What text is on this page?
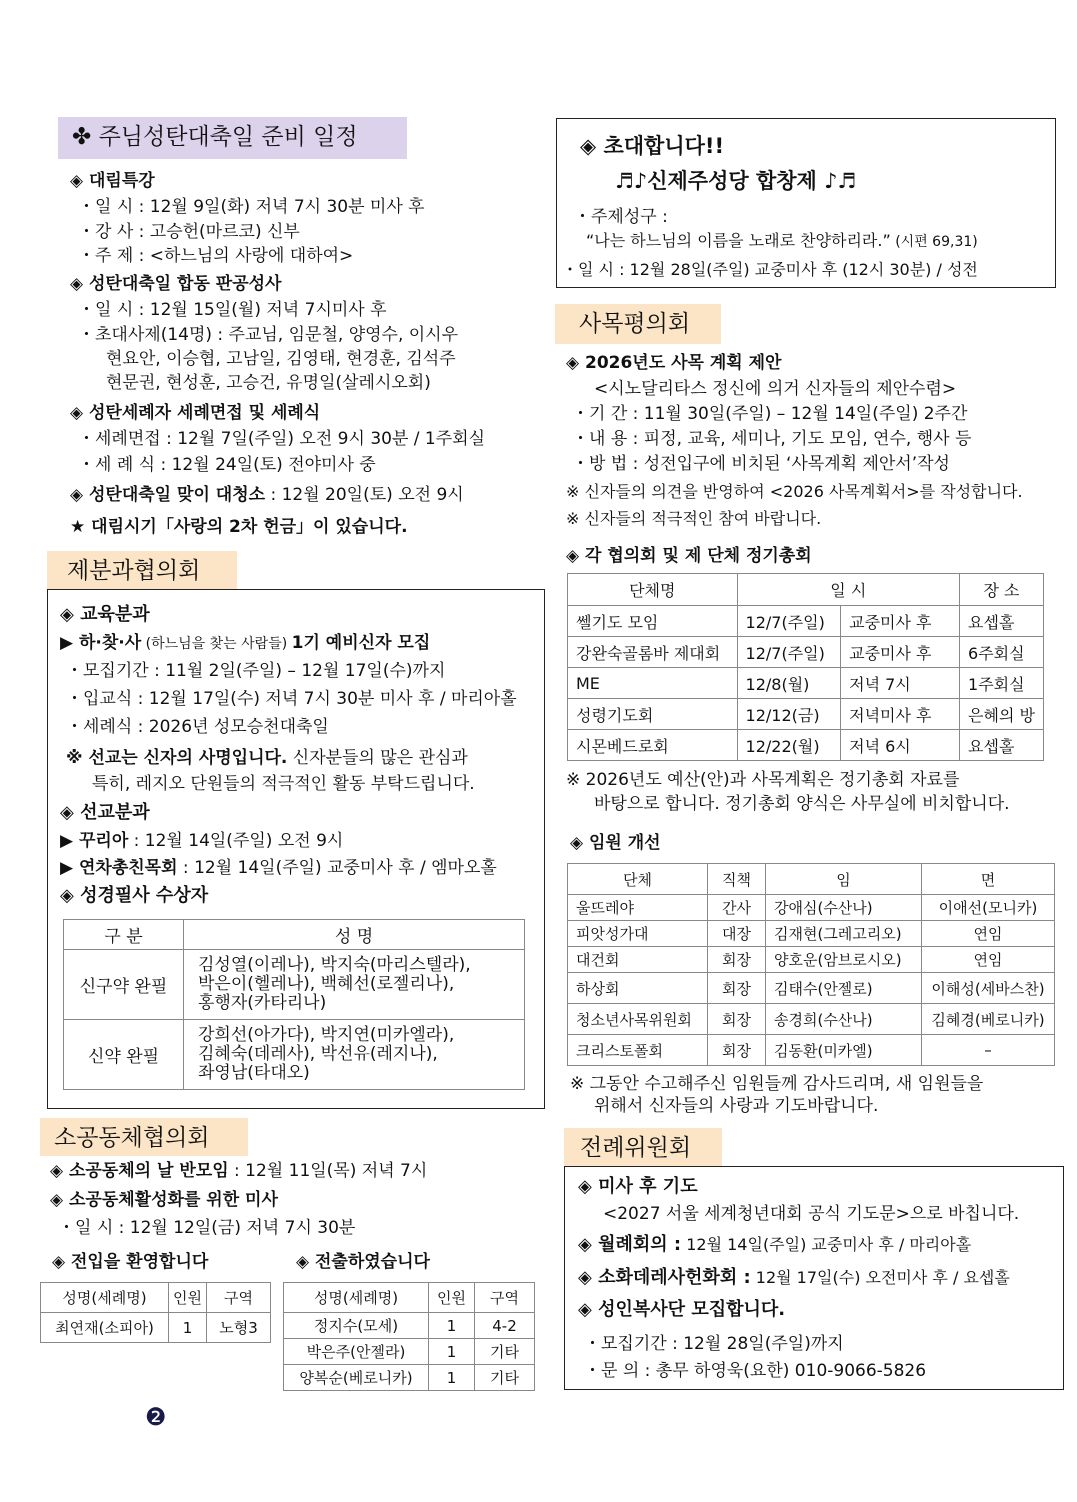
✤ 주님성탄대축일 준비 일정
◈ 대림특강
・일 시 : 12월 9일(화) 저녁 7시 30분 미사 후
・강 사 : 고승헌(마르코) 신부
・주 제 : <하느님의 사랑에 대하여>
◈ 성탄대축일 합동 판공성사
・일 시 : 12월 15일(월) 저녁 7시미사 후
・초대사제(14명) : 주교님, 임문철, 양영수, 이시우
현요안, 이승협, 고남일, 김영태, 현경훈, 김석주
현문권, 현성훈, 고승건, 유명일(살레시오회)
◈ 성탄세례자 세례면접 및 세례식
・세례면접 : 12월 7일(주일) 오전 9시 30분 / 1주회실
・세 례 식 : 12월 24일(토) 전야미사 중
◈ 성탄대축일 맞이 대청소 : 12월 20일(토) 오전 9시
★ 대림시기「사랑의 2차 헌금」이 있습니다.
제분과협의회
◈ 교육분과
▶ 하·찾·사 (하느님을 찾는 사람들) 1기 예비신자 모집
・모집기간 : 11월 2일(주일) – 12월 17일(수)까지
・입교식 : 12월 17일(수) 저녁 7시 30분 미사 후 / 마리아홀
・세례식 : 2026년 성모승천대축일
※ 선교는 신자의 사명입니다. 신자분들의 많은 관심과
특히, 레지오 단원들의 적극적인 활동 부탁드립니다.
◈ 선교분과
▶ 꾸리아 : 12월 14일(주일) 오전 9시
▶ 연차총친목회 : 12월 14일(주일) 교중미사 후 / 엠마오홀
◈ 성경필사 수상자
구 분	성 명
신구약 완필	김성열(이레나), 박지숙(마리스텔라),
박은이(헬레나), 백혜선(로젤리나),
홍행자(카타리나)

신약 완필	강희선(아가다), 박지연(미카엘라),
김혜숙(데레사), 박선유(레지나),
좌영남(타대오)
소공동체협의회
◈ 소공동체의 날 반모임 : 12월 11일(목) 저녁 7시
◈ 소공동체활성화를 위한 미사
・일 시 : 12월 12일(금) 저녁 7시 30분
◈ 전입을 환영합니다	◈ 전출하였습니다
성명(세례명)	인원	구역
최연재(소피아)	1	노형3
성명(세례명)	인원	구역
정지수(모세)	1	4-2
박은주(안젤라)	1	기타
양복순(베로니카)	1	기타
❷
◈ 초대합니다!!
♬♪신제주성당 합창제 ♪♬
・주제성구 :
“나는 하느님의 이름을 노래로 찬양하리라.” (시편 69,31)
・일 시 : 12월 28일(주일) 교중미사 후 (12시 30분) / 성전
사목평의회
◈ 2026년도 사목 계획 제안
<시노달리타스 정신에 의거 신자들의 제안수렴>
・기 간 : 11월 30일(주일) – 12월 14일(주일) 2주간
・내 용 : 피정, 교육, 세미나, 기도 모임, 연수, 행사 등
・방 법 : 성전입구에 비치된 ‘사목계획 제안서’작성
※ 신자들의 의견을 반영하여 <2026 사목계획서>를 작성합니다.
※ 신자들의 적극적인 참여 바랍니다.
◈ 각 협의회 및 제 단체 정기총회
단체명	일 시		장 소
쎌기도 모임	12/7(주일)	교중미사 후	요셉홀
강완숙골롬바 제대회	12/7(주일)	교중미사 후	6주회실
ME	12/8(월)	저녁 7시	1주회실
성령기도회	12/12(금)	저녁미사 후	은혜의 방
시몬베드로회	12/22(월)	저녁 6시	요셉홀
※ 2026년도 예산(안)과 사목계획은 정기총회 자료를
바탕으로 합니다. 정기총회 양식은 사무실에 비치합니다.
◈ 임원 개선
단체	직책	임	면
울뜨레야	간사	강애심(수산나)	이애선(모니카)
피앗성가대	대장	김재현(그레고리오)	연임
대건회	회장	양호운(암브로시오)	연임
하상회	회장	김태수(안젤로)	이해성(세바스찬)
청소년사목위원회	회장	송경희(수산나)	김혜경(베로니카)
크리스토폴회	회장	김동환(미카엘)	–
※ 그동안 수고해주신 임원들께 감사드리며, 새 임원들을
위해서 신자들의 사랑과 기도바랍니다.
전례위원회
◈ 미사 후 기도
<2027 서울 세계청년대회 공식 기도문>으로 바칩니다.
◈ 월례회의 : 12월 14일(주일) 교중미사 후 / 마리아홀
◈ 소화데레사헌화회 : 12월 17일(수) 오전미사 후 / 요셉홀
◈ 성인복사단 모집합니다.
・모집기간 : 12월 28일(주일)까지
・문 의 : 총무 하영욱(요한) 010-9066-5826
